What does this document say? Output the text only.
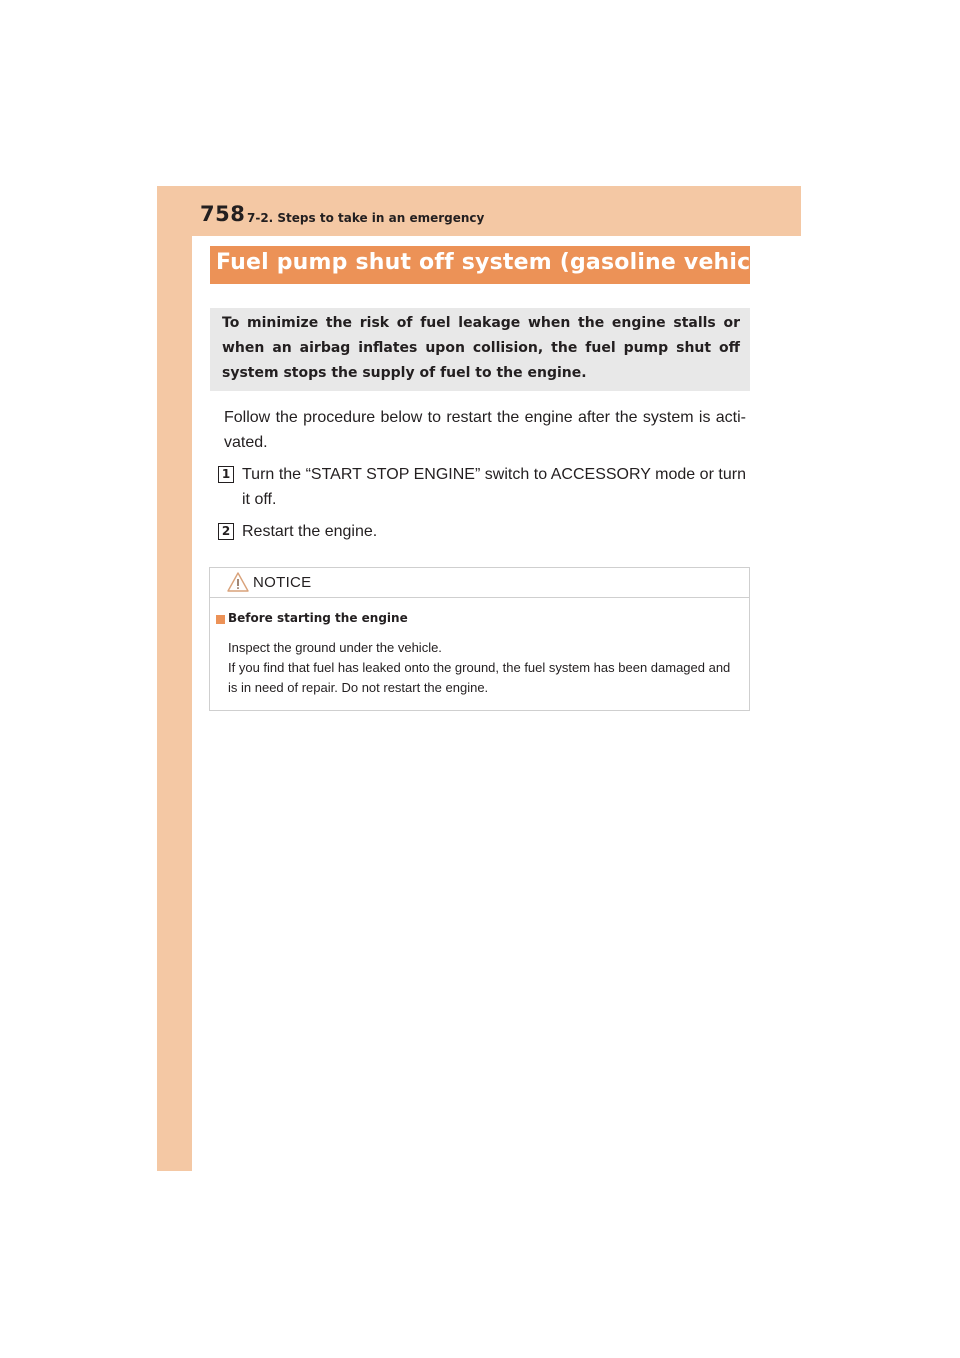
758 7-2. Steps to take in an emergency
Fuel pump shut off system (gasoline vehicles)
To minimize the risk of fuel leakage when the engine stalls or when an airbag inflates upon collision, the fuel pump shut off system stops the supply of fuel to the engine.
Follow the procedure below to restart the engine after the system is acti-vated.
1 Turn the “START STOP ENGINE” switch to ACCESSORY mode or turn it off.
2 Restart the engine.
NOTICE
Before starting the engine

Inspect the ground under the vehicle.

If you find that fuel has leaked onto the ground, the fuel system has been damaged and is in need of repair. Do not restart the engine.
